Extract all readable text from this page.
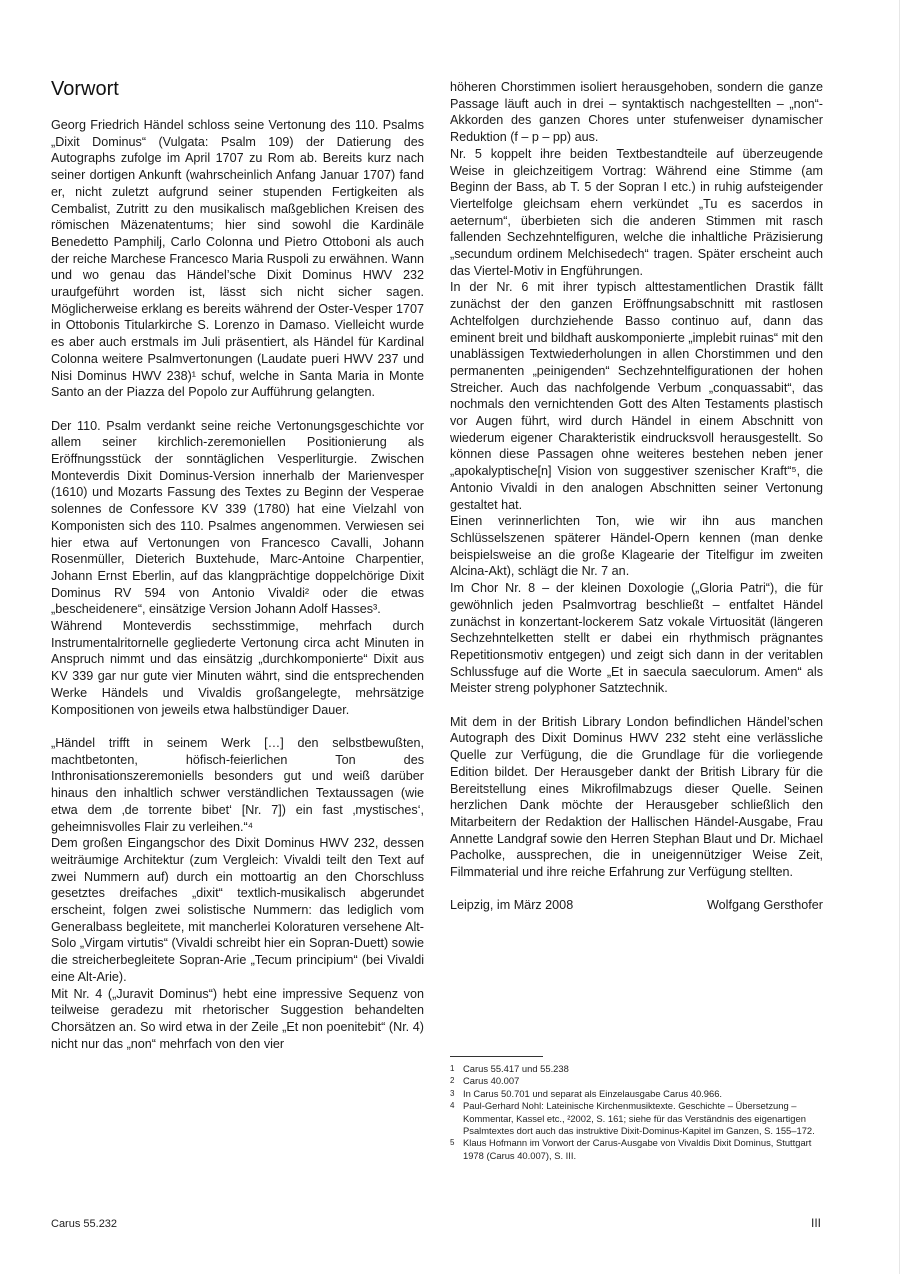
Vorwort

Georg Friedrich Händel schloss seine Vertonung des 110. Psalms „Dixit Dominus“ (Vulgata: Psalm 109) der Datierung des Autographs zufolge im April 1707 zu Rom ab. Bereits kurz nach seiner dortigen Ankunft (wahrscheinlich Anfang Januar 1707) fand er, nicht zuletzt aufgrund seiner stupenden Fertigkeiten als Cembalist, Zutritt zu den musikalisch maßgeblichen Kreisen des römischen Mäzenatentums; hier sind sowohl die Kardinäle Benedetto Pamphilj, Carlo Colonna und Pietro Ottoboni als auch der reiche Marchese Francesco Maria Ruspoli zu erwähnen. Wann und wo genau das Händel’sche Dixit Dominus HWV 232 uraufgeführt worden ist, lässt sich nicht sicher sagen. Möglicherweise erklang es bereits während der Oster-Vesper 1707 in Ottobonis Titularkirche S. Lorenzo in Damaso. Vielleicht wurde es aber auch erstmals im Juli präsentiert, als Händel für Kardinal Colonna weitere Psalmvertonungen (Laudate pueri HWV 237 und Nisi Dominus HWV 238)¹ schuf, welche in Santa Maria in Monte Santo an der Piazza del Popolo zur Aufführung gelangten.

Der 110. Psalm verdankt seine reiche Vertonungsgeschichte vor allem seiner kirchlich-zeremoniellen Positionierung als Eröffnungsstück der sonntäglichen Vesperliturgie. Zwischen Monteverdis Dixit Dominus-Version innerhalb der Marienvesper (1610) und Mozarts Fassung des Textes zu Beginn der Vesperae solennes de Confessore KV 339 (1780) hat eine Vielzahl von Komponisten sich des 110. Psalmes angenommen. Verwiesen sei hier etwa auf Vertonungen von Francesco Cavalli, Johann Rosenmüller, Dieterich Buxtehude, Marc-Antoine Charpentier, Johann Ernst Eberlin, auf das klangprächtige doppelchörige Dixit Dominus RV 594 von Antonio Vivaldi² oder die etwas „bescheidenere“, einsätzige Version Johann Adolf Hasses³.

Während Monteverdis sechsstimmige, mehrfach durch Instrumentalritornelle gegliederte Vertonung circa acht Minuten in Anspruch nimmt und das einsätzig „durchkomponierte“ Dixit aus KV 339 gar nur gute vier Minuten währt, sind die entsprechenden Werke Händels und Vivaldis großangelegte, mehrsätzige Kompositionen von jeweils etwa halbstündiger Dauer.

„Händel trifft in seinem Werk […] den selbstbewußten, machtbetonten, höfisch-feierlichen Ton des Inthronisationszeremoniells besonders gut und weiß darüber hinaus den inhaltlich schwer verständlichen Textaussagen (wie etwa dem ‚de torrente bibet‘ [Nr. 7]) ein fast ‚mystisches‘, geheimnisvolles Flair zu verleihen.“⁴

Dem großen Eingangschor des Dixit Dominus HWV 232, dessen weiträumige Architektur (zum Vergleich: Vivaldi teilt den Text auf zwei Nummern auf) durch ein mottoartig an den Chorschluss gesetztes dreifaches „dixit“ textlich-musikalisch abgerundet erscheint, folgen zwei solistische Nummern: das lediglich vom Generalbass begleitete, mit mancherlei Koloraturen versehene Alt-Solo „Virgam virtutis“ (Vivaldi schreibt hier ein Sopran-Duett) sowie die streicherbegleitete Sopran-Arie „Tecum principium“ (bei Vivaldi eine Alt-Arie).

Mit Nr. 4 („Juravit Dominus“) hebt eine impressive Sequenz von teilweise geradezu mit rhetorischer Suggestion behandelten Chorsätzen an. So wird etwa in der Zeile „Et non poenitebit“ (Nr. 4) nicht nur das „non“ mehrfach von den vier

höheren Chorstimmen isoliert herausgehoben, sondern die ganze Passage läuft auch in drei – syntaktisch nachgestellten – „non“-Akkorden des ganzen Chores unter stufenweiser dynamischer Reduktion (f – p – pp) aus.

Nr. 5 koppelt ihre beiden Textbestandteile auf überzeugende Weise in gleichzeitigem Vortrag: Während eine Stimme (am Beginn der Bass, ab T. 5 der Sopran I etc.) in ruhig aufsteigender Viertelfolge gleichsam ehern verkündet „Tu es sacerdos in aeternum“, überbieten sich die anderen Stimmen mit rasch fallenden Sechzehntelfiguren, welche die inhaltliche Präzisierung „secundum ordinem Melchisedech“ tragen. Später erscheint auch das Viertel-Motiv in Engführungen.

In der Nr. 6 mit ihrer typisch alttestamentlichen Drastik fällt zunächst der den ganzen Eröffnungsabschnitt mit rastlosen Achtelfolgen durchziehende Basso continuo auf, dann das eminent breit und bildhaft auskomponierte „implebit ruinas“ mit den unablässigen Textwiederholungen in allen Chorstimmen und den permanenten „peinigenden“ Sechzehntelfigurationen der hohen Streicher. Auch das nachfolgende Verbum „conquassabit“, das nochmals den vernichtenden Gott des Alten Testaments plastisch vor Augen führt, wird durch Händel in einem Abschnitt von wiederum eigener Charakteristik eindrucksvoll herausgestellt. So können diese Passagen ohne weiteres bestehen neben jener „apokalyptische[n] Vision von suggestiver szenischer Kraft“⁵, die Antonio Vivaldi in den analogen Abschnitten seiner Vertonung gestaltet hat.

Einen verinnerlichten Ton, wie wir ihn aus manchen Schlüsselszenen späterer Händel-Opern kennen (man denke beispielsweise an die große Klagearie der Titelfigur im zweiten Alcina-Akt), schlägt die Nr. 7 an.

Im Chor Nr. 8 – der kleinen Doxologie („Gloria Patri“), die für gewöhnlich jeden Psalmvortrag beschließt – entfaltet Händel zunächst in konzertant-lockerem Satz vokale Virtuosität (längeren Sechzehntelketten stellt er dabei ein rhythmisch prägnantes Repetitionsmotiv entgegen) und zeigt sich dann in der veritablen Schlussfuge auf die Worte „Et in saecula saeculorum. Amen“ als Meister streng polyphoner Satztechnik.

Mit dem in der British Library London befindlichen Händel’schen Autograph des Dixit Dominus HWV 232 steht eine verlässliche Quelle zur Verfügung, die die Grundlage für die vorliegende Edition bildet. Der Herausgeber dankt der British Library für die Bereitstellung eines Mikrofilmabzugs dieser Quelle. Seinen herzlichen Dank möchte der Herausgeber schließlich den Mitarbeitern der Redaktion der Hallischen Händel-Ausgabe, Frau Annette Landgraf sowie den Herren Stephan Blaut und Dr. Michael Pacholke, aussprechen, die in uneigennütziger Weise Zeit, Filmmaterial und ihre reiche Erfahrung zur Verfügung stellten.

Leipzig, im März 2008	Wolfgang Gersthofer
1 Carus 55.417 und 55.238
2 Carus 40.007
3 In Carus 50.701 und separat als Einzelausgabe Carus 40.966.
4 Paul-Gerhard Nohl: Lateinische Kirchenmusiktexte. Geschichte – Übersetzung – Kommentar, Kassel etc., ²2002, S. 161; siehe für das Verständnis des eigenartigen Psalmtextes dort auch das instruktive Dixit-Dominus-Kapitel im Ganzen, S. 155–172.
5 Klaus Hofmann im Vorwort der Carus-Ausgabe von Vivaldis Dixit Dominus, Stuttgart 1978 (Carus 40.007), S. III.
Carus 55.232	III
